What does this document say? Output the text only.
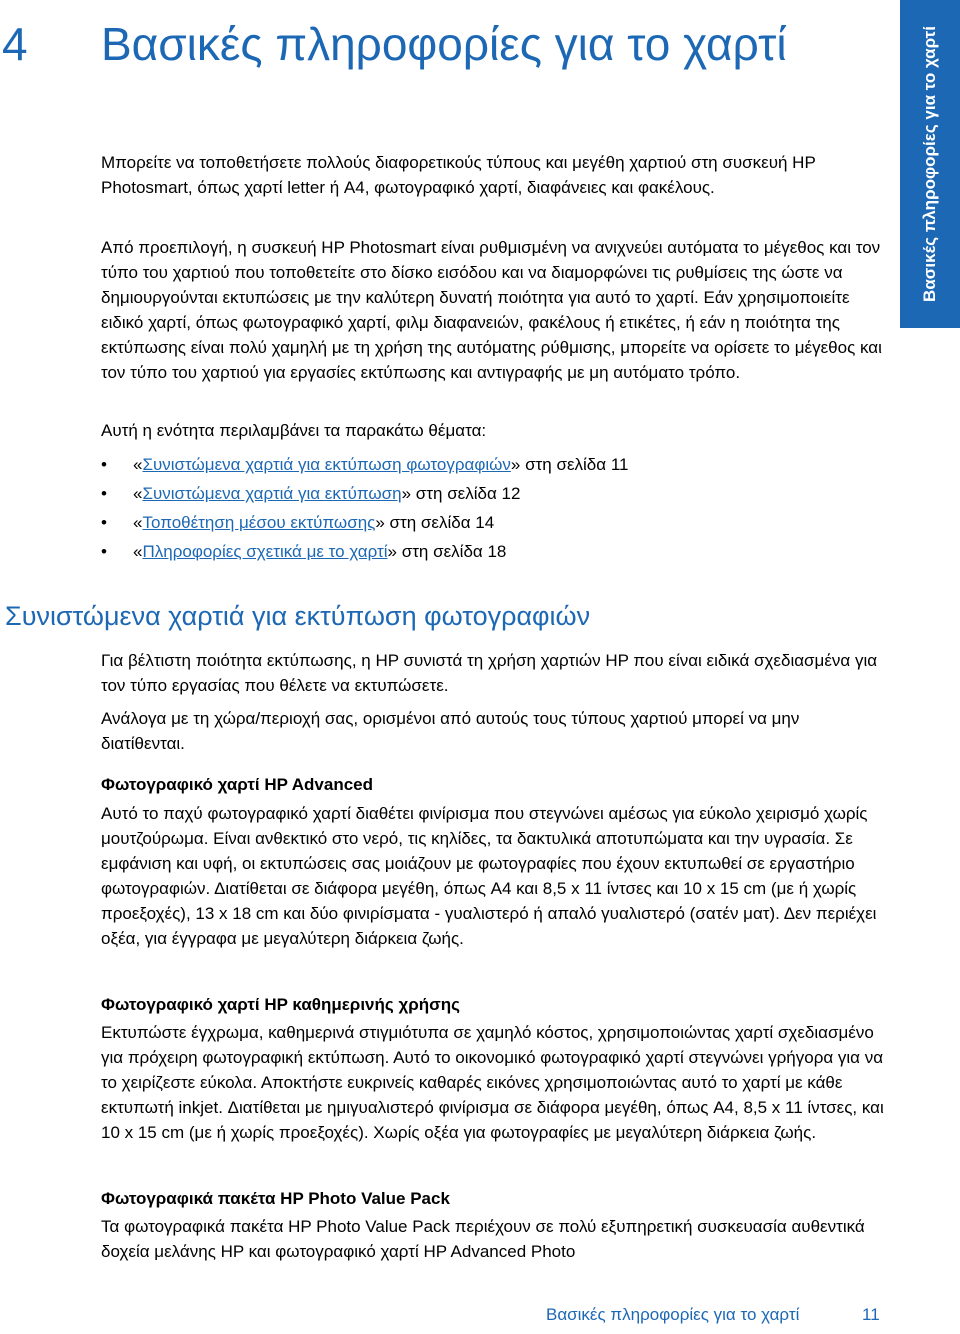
4 Βασικές πληροφορίες για το χαρτί	Βασικές πληροφορίες για το χαρτί

Μπορείτε να τοποθετήσετε πολλούς διαφορετικούς τύπους και μεγέθη χαρτιού στη συσκευή HP Photosmart, όπως χαρτί letter ή A4, φωτογραφικό χαρτί, διαφάνειες και φακέλους.

Από προεπιλογή, η συσκευή HP Photosmart είναι ρυθμισμένη να ανιχνεύει αυτόματα το μέγεθος και τον τύπο του χαρτιού που τοποθετείτε στο δίσκο εισόδου και να διαμορφώνει τις ρυθμίσεις της ώστε να δημιουργούνται εκτυπώσεις με την καλύτερη δυνατή ποιότητα για αυτό το χαρτί. Εάν χρησιμοποιείτε ειδικό χαρτί, όπως φωτογραφικό χαρτί, φιλμ διαφανειών, φακέλους ή ετικέτες, ή εάν η ποιότητα της εκτύπωσης είναι πολύ χαμηλή με τη χρήση της αυτόματης ρύθμισης, μπορείτε να ορίσετε το μέγεθος και τον τύπο του χαρτιού για εργασίες εκτύπωσης και αντιγραφής με μη αυτόματο τρόπο.

Αυτή η ενότητα περιλαμβάνει τα παρακάτω θέματα:

• «Συνιστώμενα χαρτιά για εκτύπωση φωτογραφιών» στη σελίδα 11
• «Συνιστώμενα χαρτιά για εκτύπωση» στη σελίδα 12
• «Τοποθέτηση μέσου εκτύπωσης» στη σελίδα 14
• «Πληροφορίες σχετικά με το χαρτί» στη σελίδα 18
Συνιστώμενα χαρτιά για εκτύπωση φωτογραφιών

Για βέλτιστη ποιότητα εκτύπωσης, η HP συνιστά τη χρήση χαρτιών HP που είναι ειδικά σχεδιασμένα για τον τύπο εργασίας που θέλετε να εκτυπώσετε.

Ανάλογα με τη χώρα/περιοχή σας, ορισμένοι από αυτούς τους τύπους χαρτιού μπορεί να μην διατίθενται.

Φωτογραφικό χαρτί HP Advanced

Αυτό το παχύ φωτογραφικό χαρτί διαθέτει φινίρισμα που στεγνώνει αμέσως για εύκολο χειρισμό χωρίς μουτζούρωμα. Είναι ανθεκτικό στο νερό, τις κηλίδες, τα δακτυλικά αποτυπώματα και την υγρασία. Σε εμφάνιση και υφή, οι εκτυπώσεις σας μοιάζουν με φωτογραφίες που έχουν εκτυπωθεί σε εργαστήριο φωτογραφιών. Διατίθεται σε διάφορα μεγέθη, όπως A4 και 8,5 x 11 ίντσες και 10 x 15 cm (με ή χωρίς προεξοχές), 13 x 18 cm και δύο φινιρίσματα - γυαλιστερό ή απαλό γυαλιστερό (σατέν ματ). Δεν περιέχει οξέα, για έγγραφα με μεγαλύτερη διάρκεια ζωής.

Φωτογραφικό χαρτί HP καθημερινής χρήσης

Εκτυπώστε έγχρωμα, καθημερινά στιγμιότυπα σε χαμηλό κόστος, χρησιμοποιώντας χαρτί σχεδιασμένο για πρόχειρη φωτογραφική εκτύπωση. Αυτό το οικονομικό φωτογραφικό χαρτί στεγνώνει γρήγορα για να το χειρίζεστε εύκολα. Αποκτήστε ευκρινείς καθαρές εικόνες χρησιμοποιώντας αυτό το χαρτί με κάθε εκτυπωτή inkjet. Διατίθεται με ημιγυαλιστερό φινίρισμα σε διάφορα μεγέθη, όπως A4, 8,5 x 11 ίντσες, και 10 x 15 cm (με ή χωρίς προεξοχές). Χωρίς οξέα για φωτογραφίες με μεγαλύτερη διάρκεια ζωής.

Φωτογραφικά πακέτα HP Photo Value Pack

Τα φωτογραφικά πακέτα HP Photo Value Pack περιέχουν σε πολύ εξυπηρετική συσκευασία αυθεντικά δοχεία μελάνης HP και φωτογραφικό χαρτί HP Advanced Photo

Βασικές πληροφορίες για το χαρτί	11
